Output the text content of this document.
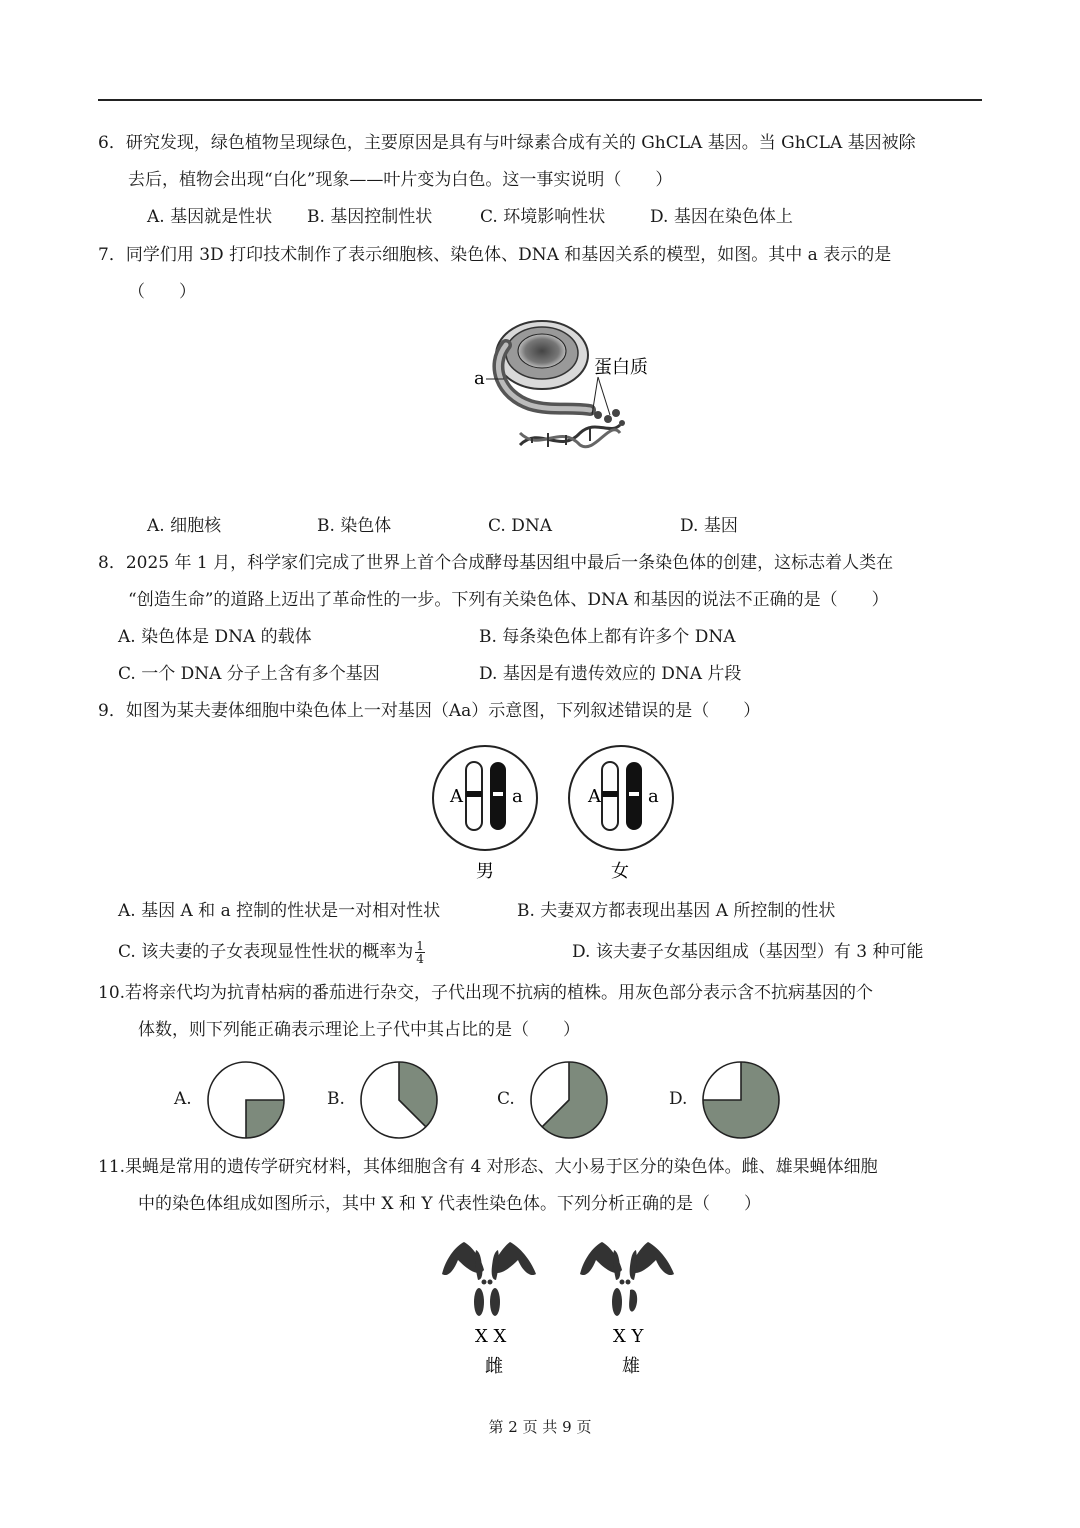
6．研究发现，绿色植物呈现绿色，主要原因是具有与叶绿素合成有关的 GhCLA 基因。当 GhCLA 基因被除
去后，植物会出现“白化”现象——叶片变为白色。这一事实说明（　　）
A. 基因就是性状 B. 基因控制性状	C. 环境影响性状	D. 基因在染色体上
7．同学们用 3D 打印技术制作了表示细胞核、染色体、DNA 和基因关系的模型，如图。其中 a 表示的是
（　　）
a
蛋白质
A. 细胞核	B. 染色体	C. DNA	D. 基因
8．2025 年 1 月，科学家们完成了世界上首个合成酵母基因组中最后一条染色体的创建，这标志着人类在
“创造生命”的道路上迈出了革命性的一步。下列有关染色体、DNA 和基因的说法不正确的是（　　）
A. 染色体是 DNA 的载体	B. 每条染色体上都有许多个 DNA
C. 一个 DNA 分子上含有多个基因	D. 基因是有遗传效应的 DNA 片段
9．如图为某夫妻体细胞中染色体上一对基因（Aa）示意图，下列叙述错误的是（　　）
A	a
男
A	a
女
A. 基因 A 和 a 控制的性状是一对相对性状	B. 夫妻双方都表现出基因 A 所控制的性状
C. 该夫妻的子女表现显性性状的概率为 $\frac{1}{4}$	D. 该夫妻子女基因组成（基因型）有 3 种可能
10.若将亲代均为抗青枯病的番茄进行杂交，子代出现不抗病的植株。用灰色部分表示含不抗病基因的个
体数，则下列能正确表示理论上子代中其占比的是（　　）
A.	B.	C.	D.
11.果蝇是常用的遗传学研究材料，其体细胞含有 4 对形态、大小易于区分的染色体。雌、雄果蝇体细胞
中的染色体组成如图所示，其中 X 和 Y 代表性染色体。下列分析正确的是（　　）
X X
雌
X Y
雄
第 2 页 共 9 页
